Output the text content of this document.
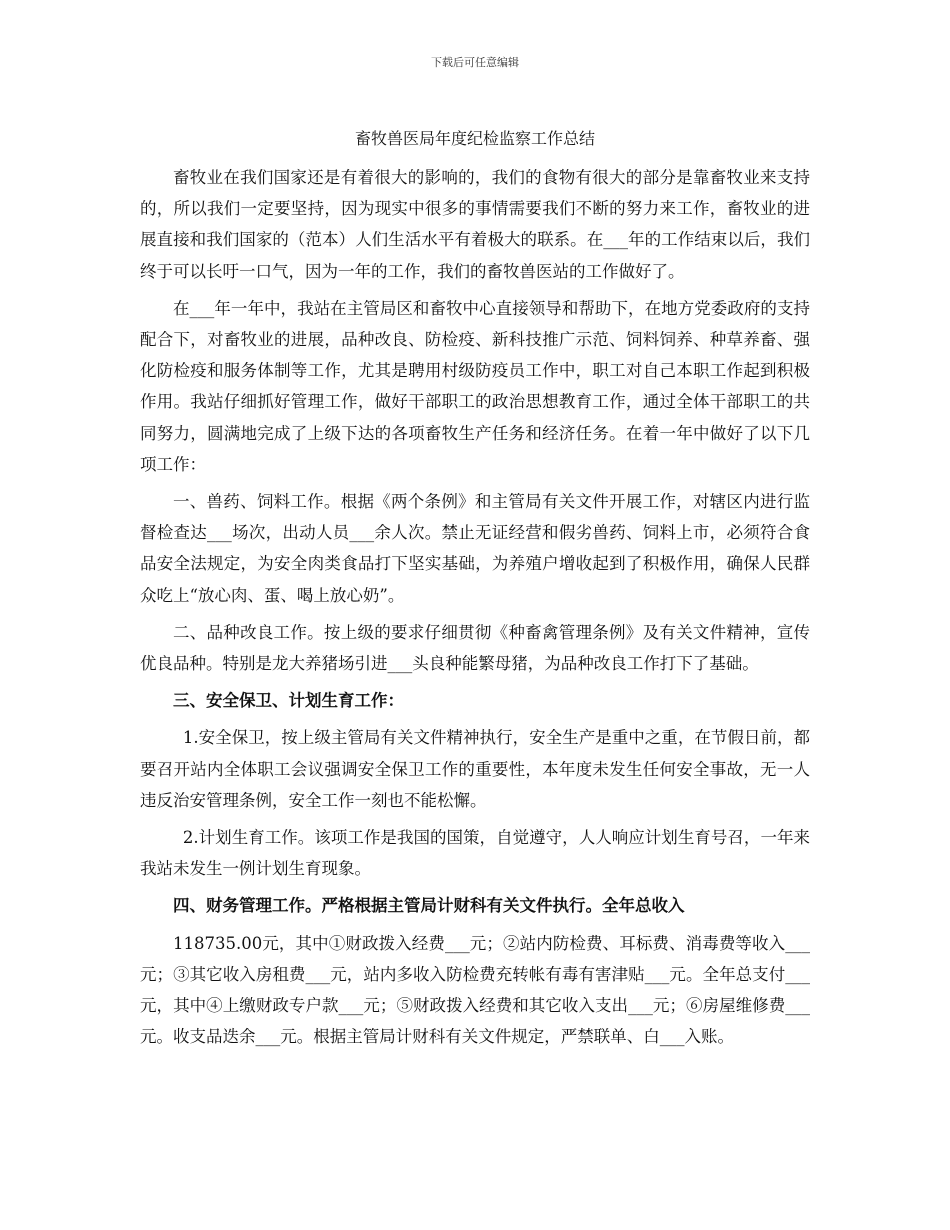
下载后可任意编辑
畜牧兽医局年度纪检监察工作总结

畜牧业在我们国家还是有着很大的影响的，我们的食物有很大的部分是靠畜牧业来支持的，所以我们一定要坚持，因为现实中很多的事情需要我们不断的努力来工作，畜牧业的进展直接和我们国家的（范本）人们生活水平有着极大的联系。在___年的工作结束以后，我们终于可以长吁一口气，因为一年的工作，我们的畜牧兽医站的工作做好了。

在___年一年中，我站在主管局区和畜牧中心直接领导和帮助下，在地方党委政府的支持配合下，对畜牧业的进展，品种改良、防检疫、新科技推广示范、饲料饲养、种草养畜、强化防检疫和服务体制等工作，尤其是聘用村级防疫员工作中，职工对自己本职工作起到积极作用。我站仔细抓好管理工作，做好干部职工的政治思想教育工作，通过全体干部职工的共同努力，圆满地完成了上级下达的各项畜牧生产任务和经济任务。在着一年中做好了以下几项工作：

一、兽药、饲料工作。根据《两个条例》和主管局有关文件开展工作，对辖区内进行监督检查达___场次，出动人员___余人次。禁止无证经营和假劣兽药、饲料上市，必须符合食品安全法规定，为安全肉类食品打下坚实基础，为养殖户增收起到了积极作用，确保人民群众吃上“放心肉、蛋、喝上放心奶”。

二、品种改良工作。按上级的要求仔细贯彻《种畜禽管理条例》及有关文件精神，宣传优良品种。特别是龙大养猪场引进___头良种能繁母猪，为品种改良工作打下了基础。

三、安全保卫、计划生育工作：

1.安全保卫，按上级主管局有关文件精神执行，安全生产是重中之重，在节假日前，都要召开站内全体职工会议强调安全保卫工作的重要性，本年度未发生任何安全事故，无一人违反治安管理条例，安全工作一刻也不能松懈。

2.计划生育工作。该项工作是我国的国策，自觉遵守，人人响应计划生育号召，一年来我站未发生一例计划生育现象。

四、财务管理工作。严格根据主管局计财科有关文件执行。全年总收入

118735.00元，其中①财政拨入经费___元；②站内防检费、耳标费、消毒费等收入___元；③其它收入房租费___元，站内多收入防检费充转帐有毒有害津贴___元。全年总支付___元，其中④上缴财政专户款___元；⑤财政拨入经费和其它收入支出___元；⑥房屋维修费___元。收支品迭余___元。根据主管局计财科有关文件规定，严禁联单、白___入账。
